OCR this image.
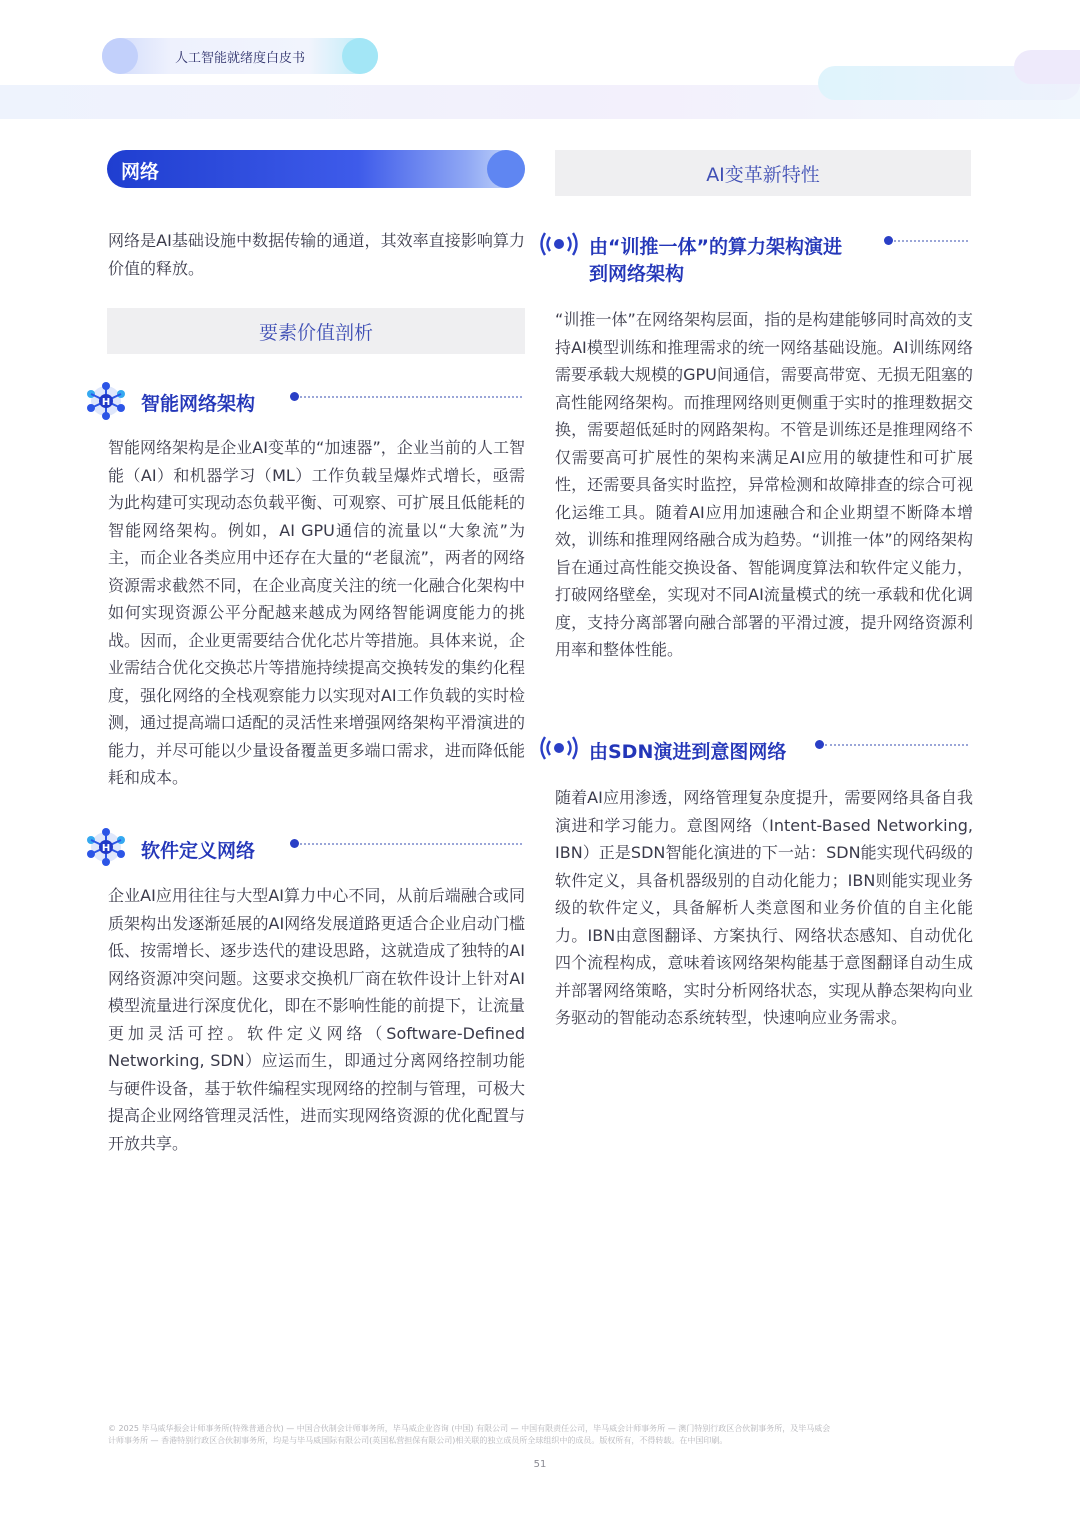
人工智能就绪度白皮书
网络

网络是AI基础设施中数据传输的通道，其效率直接影响算力价值的释放。

要素价值剖析
H 智能网络架构

智能网络架构是企业AI变革的“加速器”，企业当前的人工智能（AI）和机器学习（ML）工作负载呈爆炸式增长，亟需为此构建可实现动态负载平衡、可观察、可扩展且低能耗的智能网络架构。例如，AI GPU通信的流量以“大象流”为主，而企业各类应用中还存在大量的“老鼠流”，两者的网络资源需求截然不同，在企业高度关注的统一化融合化架构中如何实现资源公平分配越来越成为网络智能调度能力的挑战。因而，企业更需要结合优化芯片等措施。具体来说，企业需结合优化交换芯片等措施持续提高交换转发的集约化程度，强化网络的全栈观察能力以实现对AI工作负载的实时检测，通过提高端口适配的灵活性来增强网络架构平滑演进的能力，并尽可能以少量设备覆盖更多端口需求，进而降低能耗和成本。

H 软件定义网络

企业AI应用往往与大型AI算力中心不同，从前后端融合或同质架构出发逐渐延展的AI网络发展道路更适合企业启动门槛低、按需增长、逐步迭代的建设思路，这就造成了独特的AI网络资源冲突问题。这要求交换机厂商在软件设计上针对AI模型流量进行深度优化，即在不影响性能的前提下，让流量更加灵活可控。软件定义网络（Software-Defined Networking, SDN）应运而生，即通过分离网络控制功能与硬件设备，基于软件编程实现网络的控制与管理，可极大提高企业网络管理灵活性，进而实现网络资源的优化配置与开放共享。

AI变革新特性
由“训推一体”的算力架构演进
到网络架构

“训推一体”在网络架构层面，指的是构建能够同时高效的支持AI模型训练和推理需求的统一网络基础设施。AI训练网络需要承载大规模的GPU间通信，需要高带宽、无损无阻塞的高性能网络架构。而推理网络则更侧重于实时的推理数据交换，需要超低延时的网路架构。不管是训练还是推理网络不仅需要高可扩展性的架构来满足AI应用的敏捷性和可扩展性，还需要具备实时监控，异常检测和故障排查的综合可视化运维工具。随着AI应用加速融合和企业期望不断降本增效，训练和推理网络融合成为趋势。“训推一体”的网络架构旨在通过高性能交换设备、智能调度算法和软件定义能力，打破网络壁垒，实现对不同AI流量模式的统一承载和优化调度，支持分离部署向融合部署的平滑过渡，提升网络资源利用率和整体性能。

由SDN演进到意图网络

随着AI应用渗透，网络管理复杂度提升，需要网络具备自我演进和学习能力。意图网络（Intent-Based Networking, IBN）正是SDN智能化演进的下一站：SDN能实现代码级的软件定义，具备机器级别的自动化能力；IBN则能实现业务级的软件定义，具备解析人类意图和业务价值的自主化能力。IBN由意图翻译、方案执行、网络状态感知、自动优化四个流程构成，意味着该网络架构能基于意图翻译自动生成并部署网络策略，实时分析网络状态，实现从静态架构向业务驱动的智能动态系统转型，快速响应业务需求。

© 2025 毕马威华振会计师事务所(特殊普通合伙) — 中国合伙制会计师事务所，毕马威企业咨询 (中国) 有限公司 — 中国有限责任公司，毕马威会计师事务所 — 澳门特别行政区合伙制事务所，及毕马威会
计师事务所 — 香港特别行政区合伙制事务所，均是与毕马威国际有限公司(英国私营担保有限公司)相关联的独立成员所全球组织中的成员。版权所有，不得转载。在中国印刷。
51
